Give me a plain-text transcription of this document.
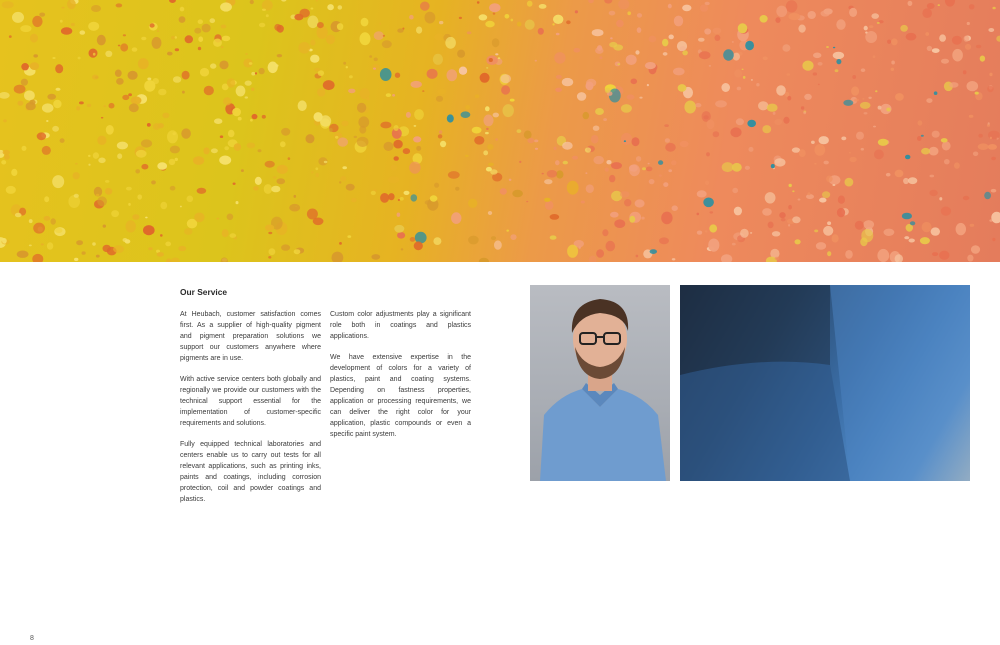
Our Service

At Heubach, customer satisfaction comes first. As a supplier of high-quality pigment and pigment preparation solutions we support our customers anywhere where pigments are in use.

With active service centers both globally and regionally we provide our customers with the technical support essential for the implementation of customer-specific requirements and solutions.

Fully equipped technical laboratories and centers enable us to carry out tests for all relevant applications, such as printing inks, paints and coatings, including corrosion protection, coil and powder coatings and plastics.

Custom color adjustments play a significant role both in coatings and plastics applications.

We have extensive expertise in the development of colors for a variety of plastics, paint and coating systems. Depending on fastness properties, application or processing requirements, we can deliver the right color for your application, plastic compounds or even a specific paint system.

8
